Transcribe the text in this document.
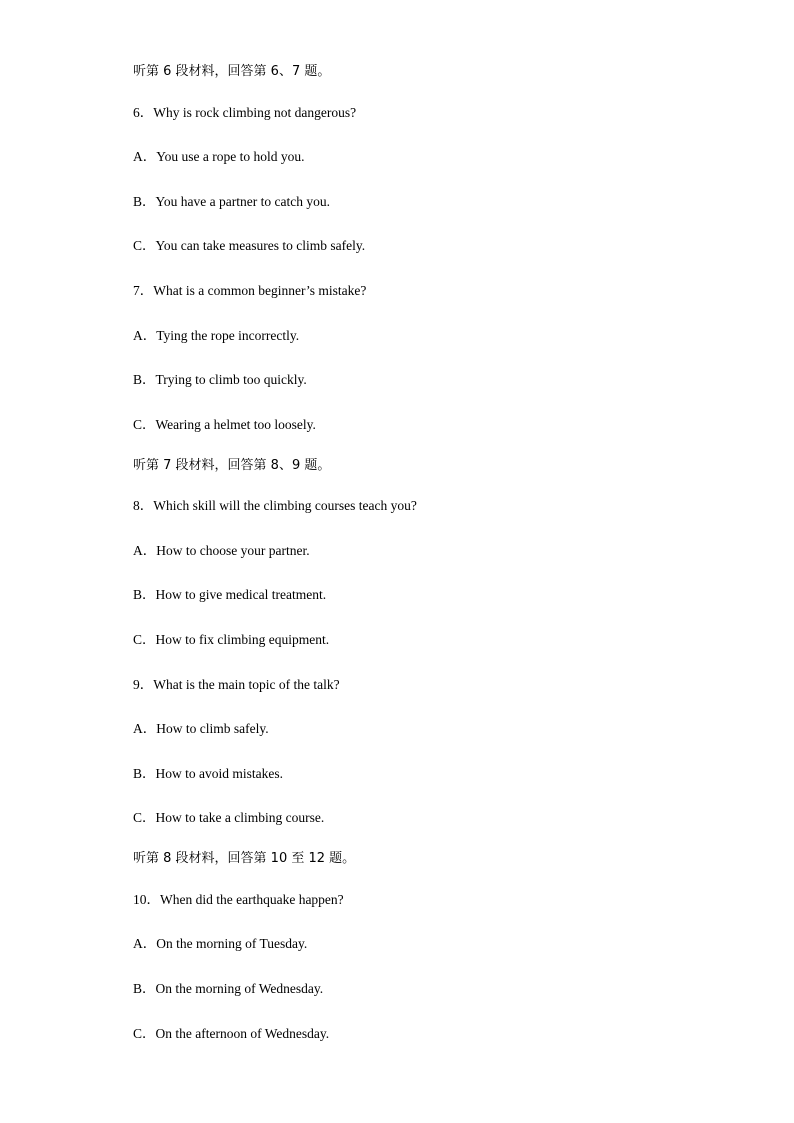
听第 6 段材料，回答第 6、7 题。
6．Why is rock climbing not dangerous?
A．You use a rope to hold you.
B．You have a partner to catch you.
C．You can take measures to climb safely.
7．What is a common beginner’s mistake?
A．Tying the rope incorrectly.
B．Trying to climb too quickly.
C．Wearing a helmet too loosely.
听第 7 段材料，回答第 8、9 题。
8．Which skill will the climbing courses teach you?
A．How to choose your partner.
B．How to give medical treatment.
C．How to fix climbing equipment.
9．What is the main topic of the talk?
A．How to climb safely.
B．How to avoid mistakes.
C．How to take a climbing course.
听第 8 段材料，回答第 10 至 12 题。
10．When did the earthquake happen?
A．On the morning of Tuesday.
B．On the morning of Wednesday.
C．On the afternoon of Wednesday.
